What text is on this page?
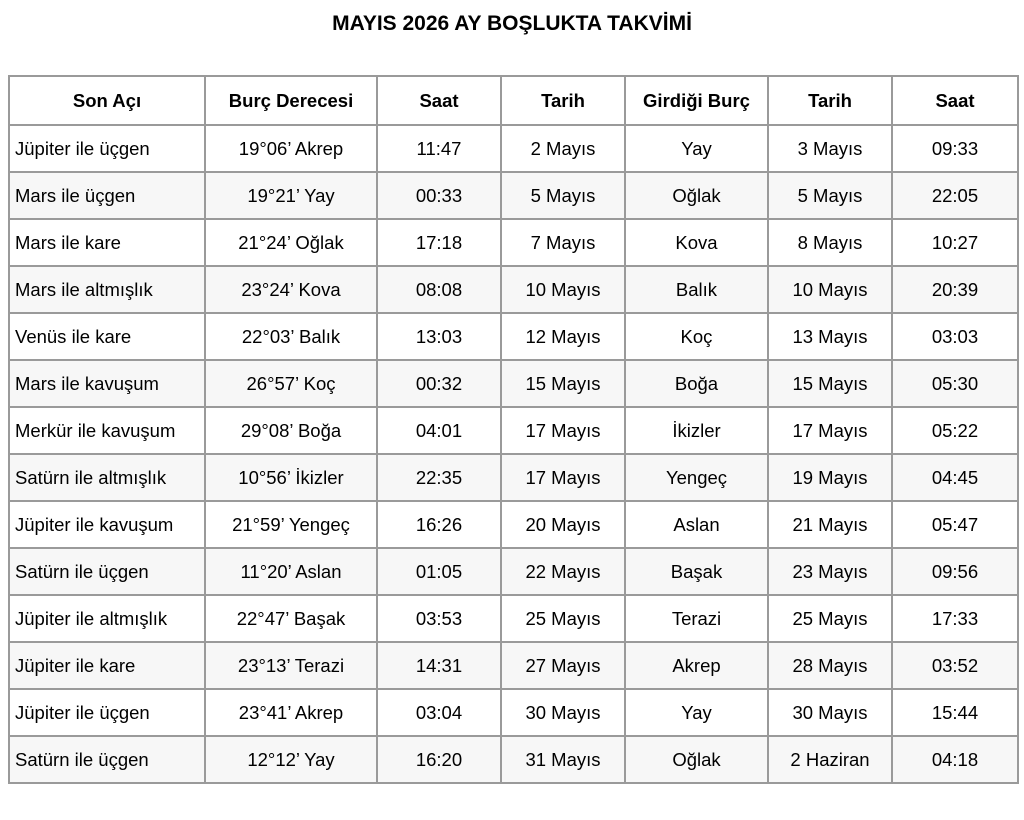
MAYIS 2026 AY BOŞLUKTA TAKVİMİ
Son Açı	Burç Derecesi	Saat	Tarih	Girdiği Burç	Tarih	Saat
Jüpiter ile üçgen	19°06’ Akrep	11:47	2 Mayıs	Yay	3 Mayıs	09:33
Mars ile üçgen	19°21’ Yay	00:33	5 Mayıs	Oğlak	5 Mayıs	22:05
Mars ile kare	21°24’ Oğlak	17:18	7 Mayıs	Kova	8 Mayıs	10:27
Mars ile altmışlık	23°24’ Kova	08:08	10 Mayıs	Balık	10 Mayıs	20:39
Venüs ile kare	22°03’ Balık	13:03	12 Mayıs	Koç	13 Mayıs	03:03
Mars ile kavuşum	26°57’ Koç	00:32	15 Mayıs	Boğa	15 Mayıs	05:30
Merkür ile kavuşum	29°08’ Boğa	04:01	17 Mayıs	İkizler	17 Mayıs	05:22
Satürn ile altmışlık	10°56’ İkizler	22:35	17 Mayıs	Yengeç	19 Mayıs	04:45
Jüpiter ile kavuşum	21°59’ Yengeç	16:26	20 Mayıs	Aslan	21 Mayıs	05:47
Satürn ile üçgen	11°20’ Aslan	01:05	22 Mayıs	Başak	23 Mayıs	09:56
Jüpiter ile altmışlık	22°47’ Başak	03:53	25 Mayıs	Terazi	25 Mayıs	17:33
Jüpiter ile kare	23°13’ Terazi	14:31	27 Mayıs	Akrep	28 Mayıs	03:52
Jüpiter ile üçgen	23°41’ Akrep	03:04	30 Mayıs	Yay	30 Mayıs	15:44
Satürn ile üçgen	12°12’ Yay	16:20	31 Mayıs	Oğlak	2 Haziran	04:18
